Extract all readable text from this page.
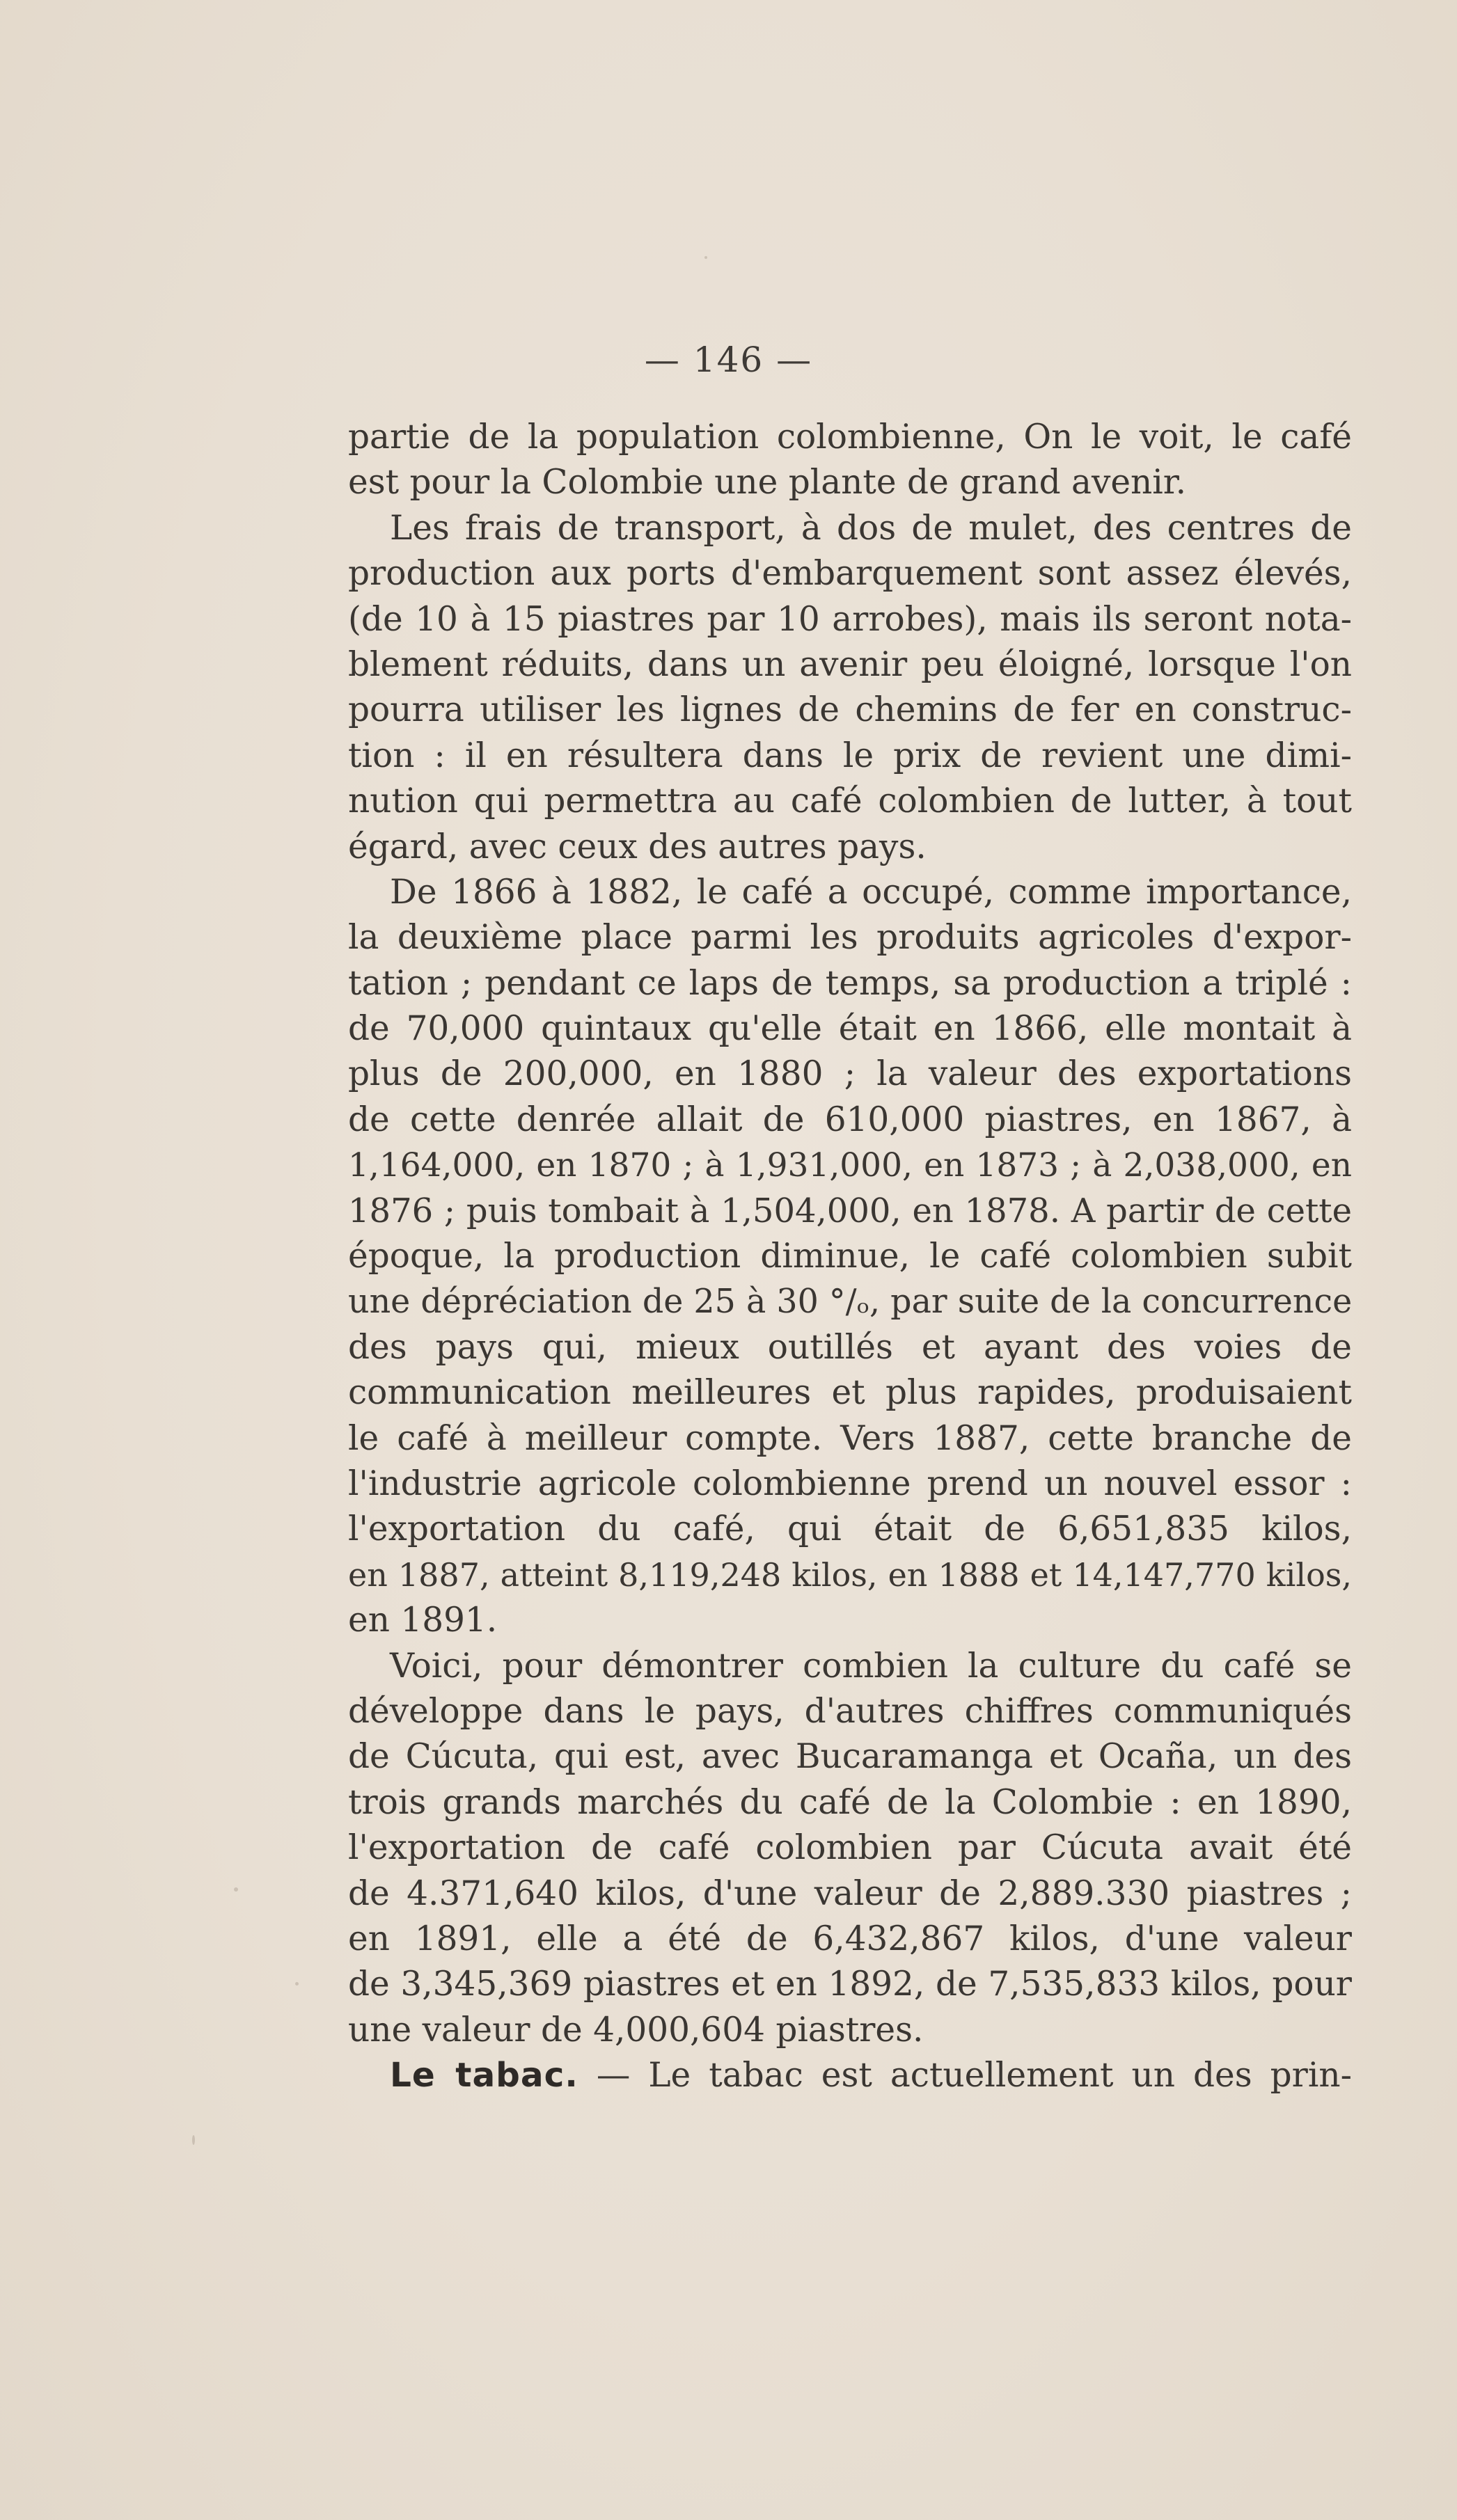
— 146 —
partie de la population colombienne, On le voit, le café
est pour la Colombie une plante de grand avenir.
Les frais de transport, à dos de mulet, des centres de
production aux ports d'embarquement sont assez élevés,
(de 10 à 15 piastres par 10 arrobes), mais ils seront nota-
blement réduits, dans un avenir peu éloigné, lorsque l'on
pourra utiliser les lignes de chemins de fer en construc-
tion : il en résultera dans le prix de revient une dimi-
nution qui permettra au café colombien de lutter, à tout
égard, avec ceux des autres pays.
De 1866 à 1882, le café a occupé, comme importance,
la deuxième place parmi les produits agricoles d'expor-
tation ; pendant ce laps de temps, sa production a triplé :
de 70,000 quintaux qu'elle était en 1866, elle montait à
plus de 200,000, en 1880 ; la valeur des exportations
de cette denrée allait de 610,000 piastres, en 1867, à
1,164,000, en 1870 ; à 1,931,000, en 1873 ; à 2,038,000, en
1876 ; puis tombait à 1,504,000, en 1878. A partir de cette
époque, la production diminue, le café colombien subit
une dépréciation de 25 à 30 °/ₒ, par suite de la concurrence
des pays qui, mieux outillés et ayant des voies de
communication meilleures et plus rapides, produisaient
le café à meilleur compte. Vers 1887, cette branche de
l'industrie agricole colombienne prend un nouvel essor :
l'exportation du café, qui était de 6,651,835 kilos,
en 1887, atteint 8,119,248 kilos, en 1888 et 14,147,770 kilos,
en 1891.
Voici, pour démontrer combien la culture du café se
développe dans le pays, d'autres chiffres communiqués
de Cúcuta, qui est, avec Bucaramanga et Ocaña, un des
trois grands marchés du café de la Colombie : en 1890,
l'exportation de café colombien par Cúcuta avait été
de 4.371,640 kilos, d'une valeur de 2,889.330 piastres ;
en 1891, elle a été de 6,432,867 kilos, d'une valeur
de 3,345,369 piastres et en 1892, de 7,535,833 kilos, pour
une valeur de 4,000,604 piastres.
Le tabac. — Le tabac est actuellement un des prin-
